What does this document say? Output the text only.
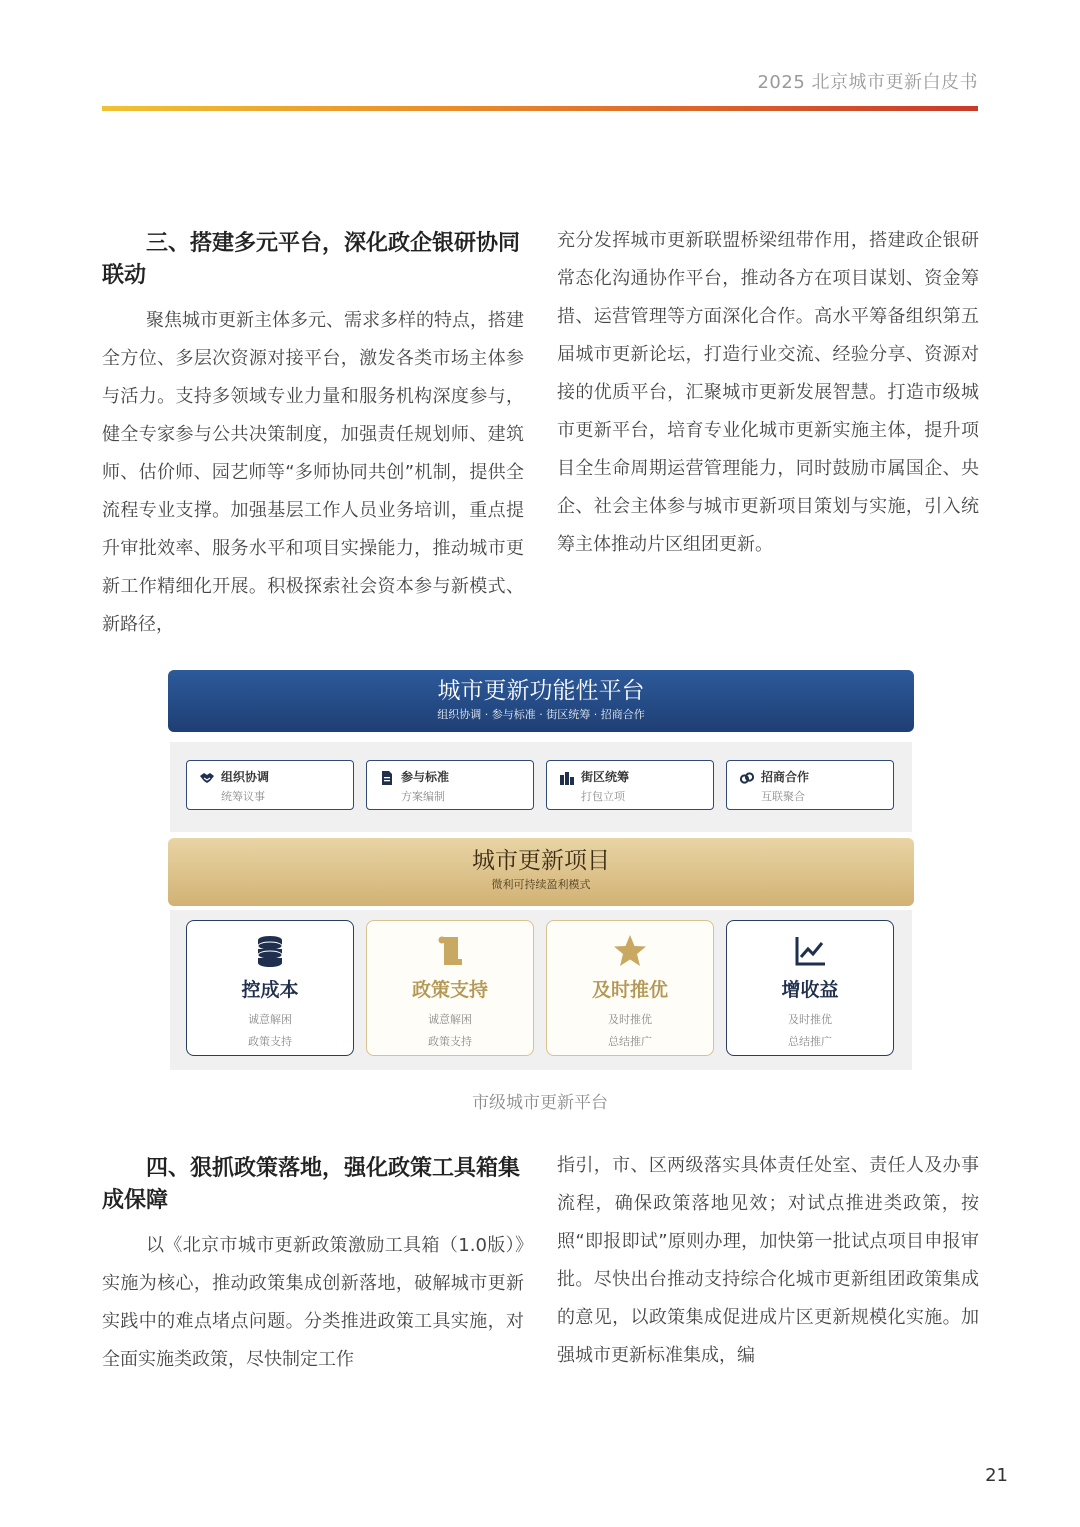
2025 北京城市更新白皮书
三、搭建多元平台，深化政企银研协同联动

聚焦城市更新主体多元、需求多样的特点，搭建全方位、多层次资源对接平台，激发各类市场主体参与活力。支持多领域专业力量和服务机构深度参与，健全专家参与公共决策制度，加强责任规划师、建筑师、估价师、园艺师等“多师协同共创”机制，提供全流程专业支撑。加强基层工作人员业务培训，重点提升审批效率、服务水平和项目实操能力，推动城市更新工作精细化开展。积极探索社会资本参与新模式、新路径，

充分发挥城市更新联盟桥梁纽带作用，搭建政企银研常态化沟通协作平台，推动各方在项目谋划、资金筹措、运营管理等方面深化合作。高水平筹备组织第五届城市更新论坛，打造行业交流、经验分享、资源对接的优质平台，汇聚城市更新发展智慧。打造市级城市更新平台，培育专业化城市更新实施主体，提升项目全生命周期运营管理能力，同时鼓励市属国企、央企、社会主体参与城市更新项目策划与实施，引入统筹主体推动片区组团更新。

城市更新功能性平台
组织协调 · 参与标准 · 街区统筹 · 招商合作
组织协调
统筹议事
参与标准
方案编制
街区统筹
打包立项
招商合作
互联聚合
城市更新项目
微利可持续盈利模式
控成本
诚意解困
政策支持
政策支持
诚意解困
政策支持
及时推优
及时推优
总结推广
增收益
及时推优
总结推广
市级城市更新平台
四、狠抓政策落地，强化政策工具箱集成保障

以《北京市城市更新政策激励工具箱（1.0版）》实施为核心，推动政策集成创新落地，破解城市更新实践中的难点堵点问题。分类推进政策工具实施，对全面实施类政策，尽快制定工作

指引，市、区两级落实具体责任处室、责任人及办事流程，确保政策落地见效；对试点推进类政策，按照“即报即试”原则办理，加快第一批试点项目申报审批。尽快出台推动支持综合化城市更新组团政策集成的意见，以政策集成促进成片区更新规模化实施。加强城市更新标准集成，编

21
